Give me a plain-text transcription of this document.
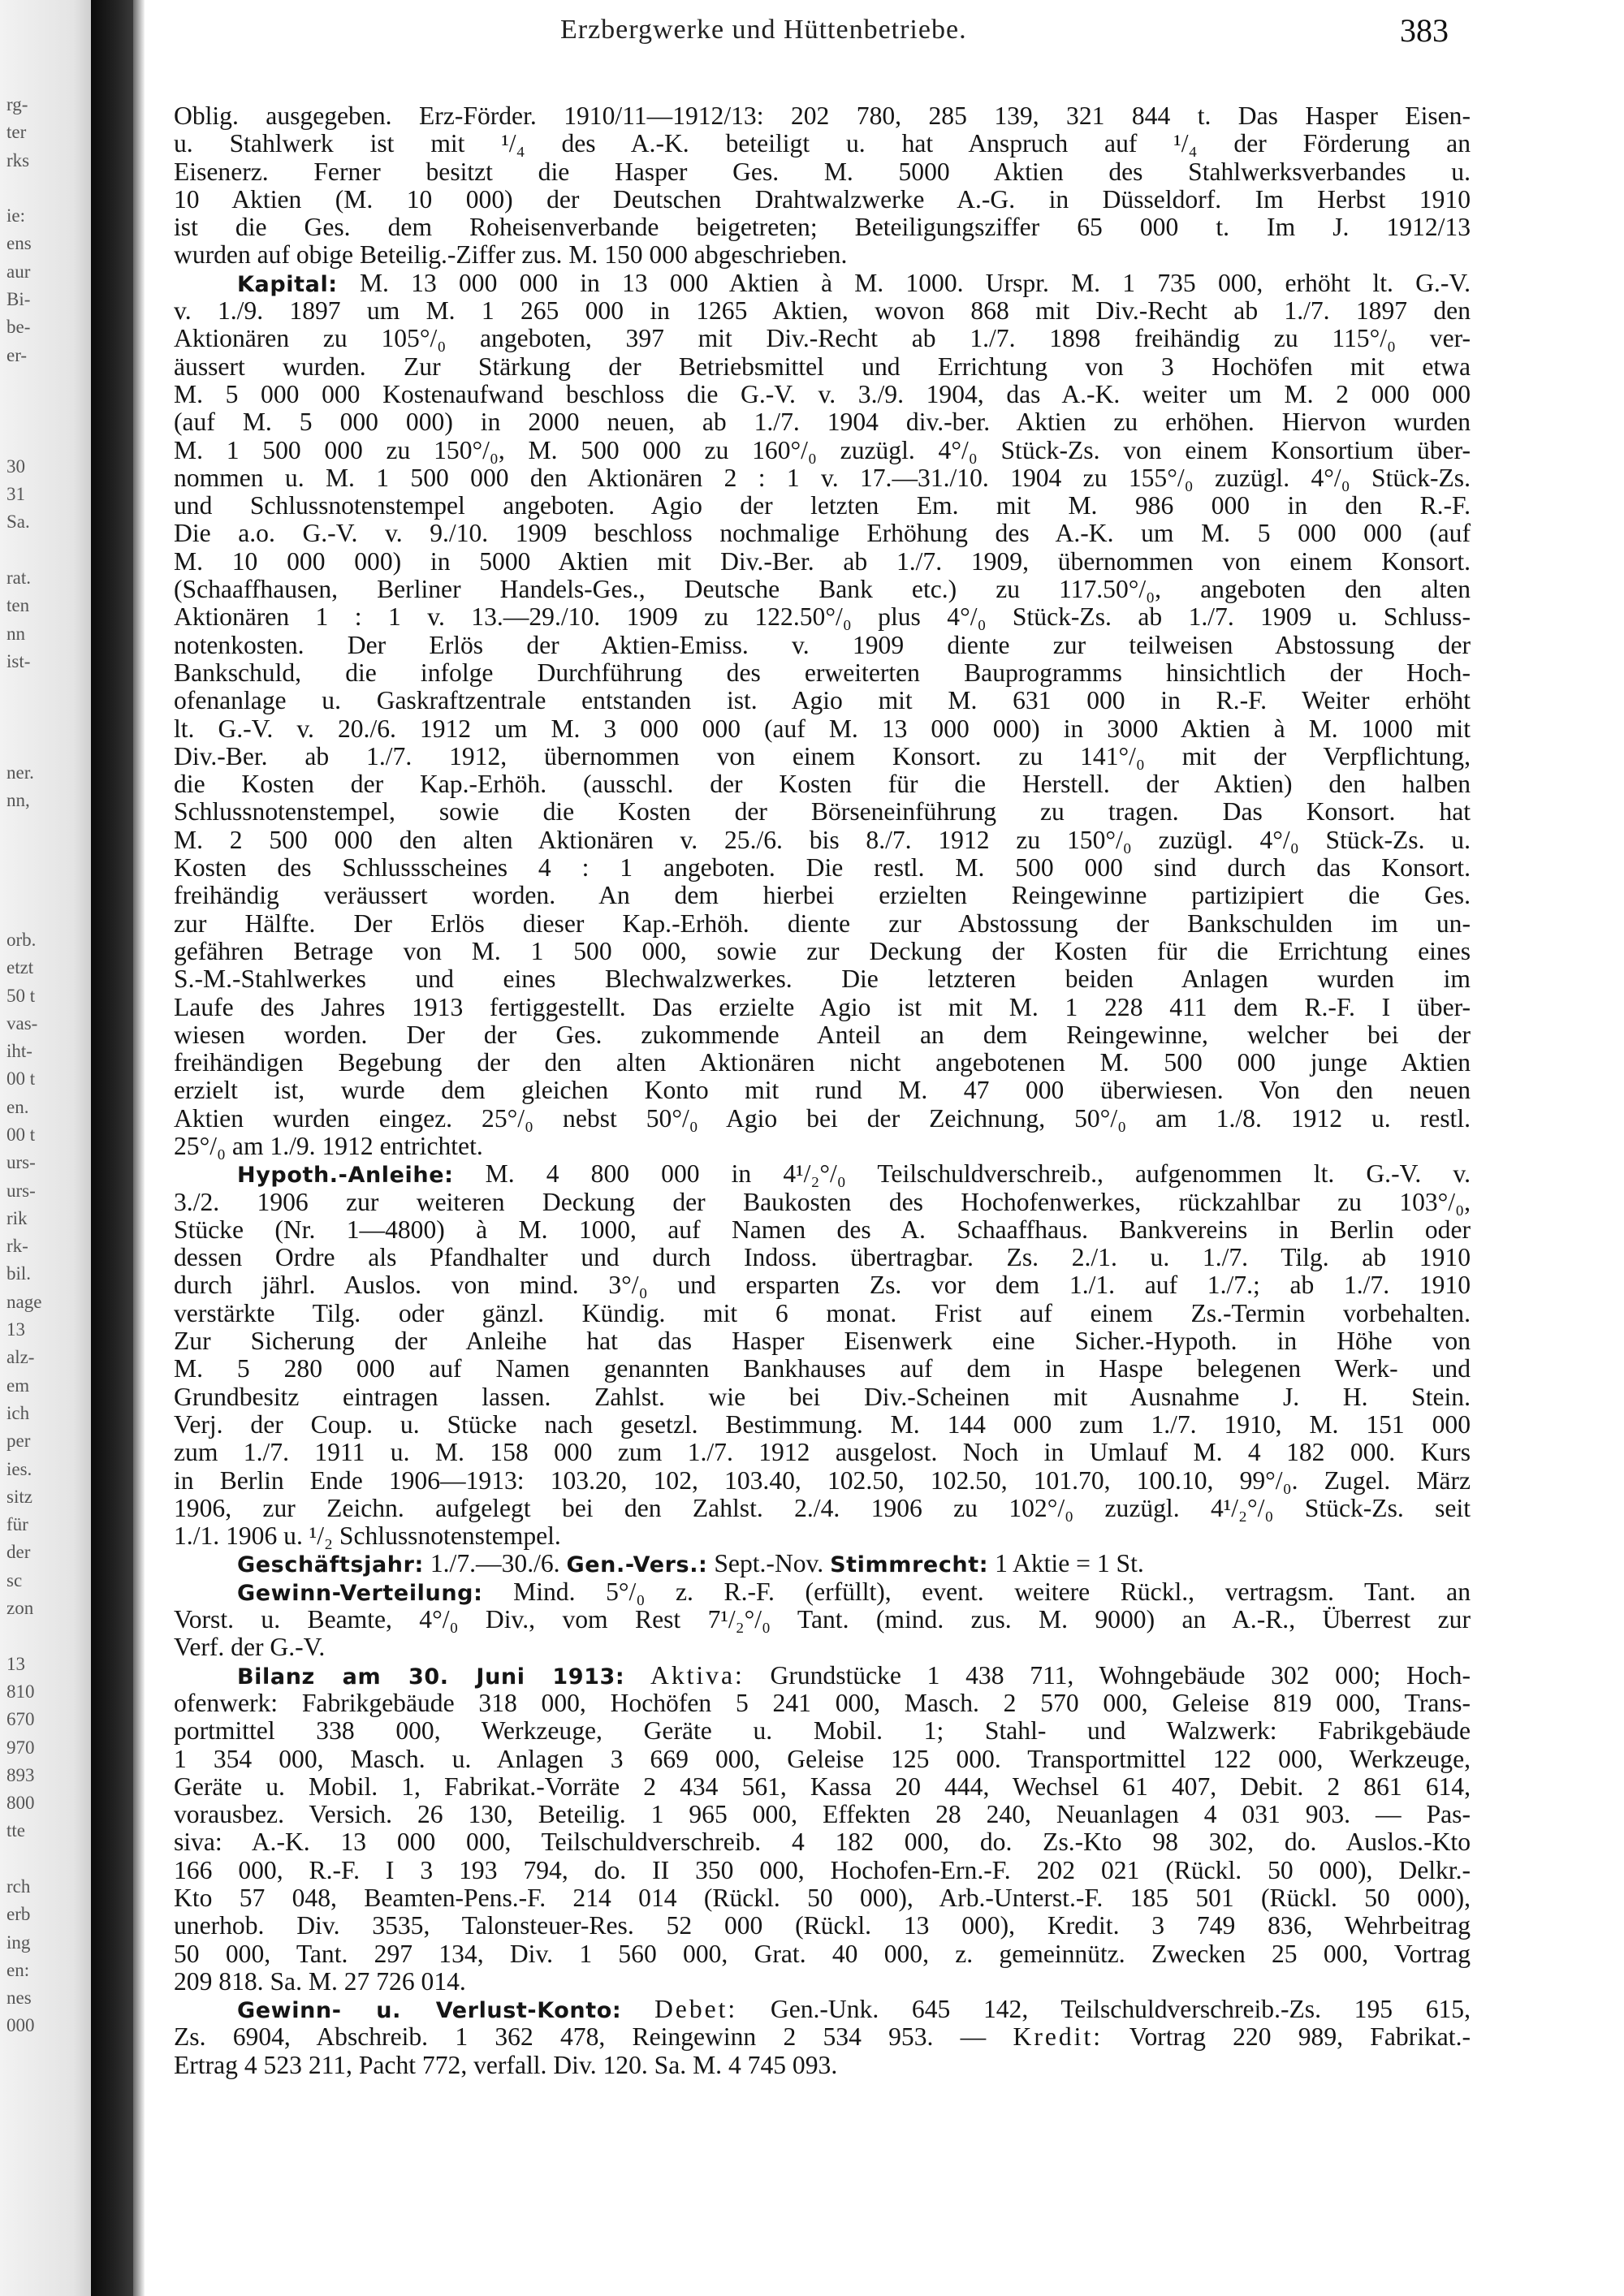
rg-
ter
rks
ie:
ens
aur
Bi-
be-
er-
30
31
Sa.
rat.
ten
nn
ist-
ner.
nn,
orb.
etzt
50 t
vas-
iht-
00 t
en.
00 t
urs-
urs-
rik
rk-
bil.
nage
13
alz-
em
ich
per
ies.
sitz
für
der
sc
zon
13
810
670
970
893
800
tte
rch
erb
ing
en:
nes
000
Erzbergwerke und Hüttenbetriebe.	383
Oblig. ausgegeben. Erz-Förder. 1910/11—1912/13: 202 780, 285 139, 321 844 t. Das Hasper Eisen-
u. Stahlwerk ist mit ¹/₄ des A.-K. beteiligt u. hat Anspruch auf ¹/₄ der Förderung an
Eisenerz. Ferner besitzt die Hasper Ges. M. 5000 Aktien des Stahlwerksverbandes u.
10 Aktien (M. 10 000) der Deutschen Drahtwalzwerke A.-G. in Düsseldorf. Im Herbst 1910
ist die Ges. dem Roheisenverbande beigetreten; Beteiligungsziffer 65 000 t. Im J. 1912/13
wurden auf obige Beteilig.-Ziffer zus. M. 150 000 abgeschrieben.
Kapital: M. 13 000 000 in 13 000 Aktien à M. 1000. Urspr. M. 1 735 000, erhöht lt. G.-V.
v. 1./9. 1897 um M. 1 265 000 in 1265 Aktien, wovon 868 mit Div.-Recht ab 1./7. 1897 den
Aktionären zu 105°/₀ angeboten, 397 mit Div.-Recht ab 1./7. 1898 freihändig zu 115°/₀ ver-
äussert wurden. Zur Stärkung der Betriebsmittel und Errichtung von 3 Hochöfen mit etwa
M. 5 000 000 Kostenaufwand beschloss die G.-V. v. 3./9. 1904, das A.-K. weiter um M. 2 000 000
(auf M. 5 000 000) in 2000 neuen, ab 1./7. 1904 div.-ber. Aktien zu erhöhen. Hiervon wurden
M. 1 500 000 zu 150°/₀, M. 500 000 zu 160°/₀ zuzügl. 4°/₀ Stück-Zs. von einem Konsortium über-
nommen u. M. 1 500 000 den Aktionären 2 : 1 v. 17.—31./10. 1904 zu 155°/₀ zuzügl. 4°/₀ Stück-Zs.
und Schlussnotenstempel angeboten. Agio der letzten Em. mit M. 986 000 in den R.-F.
Die a.o. G.-V. v. 9./10. 1909 beschloss nochmalige Erhöhung des A.-K. um M. 5 000 000 (auf
M. 10 000 000) in 5000 Aktien mit Div.-Ber. ab 1./7. 1909, übernommen von einem Konsort.
(Schaaffhausen, Berliner Handels-Ges., Deutsche Bank etc.) zu 117.50°/₀, angeboten den alten
Aktionären 1 : 1 v. 13.—29./10. 1909 zu 122.50°/₀ plus 4°/₀ Stück-Zs. ab 1./7. 1909 u. Schluss-
notenkosten. Der Erlös der Aktien-Emiss. v. 1909 diente zur teilweisen Abstossung der
Bankschuld, die infolge Durchführung des erweiterten Bauprogramms hinsichtlich der Hoch-
ofenanlage u. Gaskraftzentrale entstanden ist. Agio mit M. 631 000 in R.-F. Weiter erhöht
lt. G.-V. v. 20./6. 1912 um M. 3 000 000 (auf M. 13 000 000) in 3000 Aktien à M. 1000 mit
Div.-Ber. ab 1./7. 1912, übernommen von einem Konsort. zu 141°/₀ mit der Verpflichtung,
die Kosten der Kap.-Erhöh. (ausschl. der Kosten für die Herstell. der Aktien) den halben
Schlussnotenstempel, sowie die Kosten der Börseneinführung zu tragen. Das Konsort. hat
M. 2 500 000 den alten Aktionären v. 25./6. bis 8./7. 1912 zu 150°/₀ zuzügl. 4°/₀ Stück-Zs. u.
Kosten des Schlussscheines 4 : 1 angeboten. Die restl. M. 500 000 sind durch das Konsort.
freihändig veräussert worden. An dem hierbei erzielten Reingewinne partizipiert die Ges.
zur Hälfte. Der Erlös dieser Kap.-Erhöh. diente zur Abstossung der Bankschulden im un-
gefähren Betrage von M. 1 500 000, sowie zur Deckung der Kosten für die Errichtung eines
S.-M.-Stahlwerkes und eines Blechwalzwerkes. Die letzteren beiden Anlagen wurden im
Laufe des Jahres 1913 fertiggestellt. Das erzielte Agio ist mit M. 1 228 411 dem R.-F. I über-
wiesen worden. Der der Ges. zukommende Anteil an dem Reingewinne, welcher bei der
freihändigen Begebung der den alten Aktionären nicht angebotenen M. 500 000 junge Aktien
erzielt ist, wurde dem gleichen Konto mit rund M. 47 000 überwiesen. Von den neuen
Aktien wurden eingez. 25°/₀ nebst 50°/₀ Agio bei der Zeichnung, 50°/₀ am 1./8. 1912 u. restl.
25°/₀ am 1./9. 1912 entrichtet.
Hypoth.-Anleihe: M. 4 800 000 in 4¹/₂°/₀ Teilschuldverschreib., aufgenommen lt. G.-V. v.
3./2. 1906 zur weiteren Deckung der Baukosten des Hochofenwerkes, rückzahlbar zu 103°/₀,
Stücke (Nr. 1—4800) à M. 1000, auf Namen des A. Schaaffhaus. Bankvereins in Berlin oder
dessen Ordre als Pfandhalter und durch Indoss. übertragbar. Zs. 2./1. u. 1./7. Tilg. ab 1910
durch jährl. Auslos. von mind. 3°/₀ und ersparten Zs. vor dem 1./1. auf 1./7.; ab 1./7. 1910
verstärkte Tilg. oder gänzl. Kündig. mit 6 monat. Frist auf einem Zs.-Termin vorbehalten.
Zur Sicherung der Anleihe hat das Hasper Eisenwerk eine Sicher.-Hypoth. in Höhe von
M. 5 280 000 auf Namen genannten Bankhauses auf dem in Haspe belegenen Werk- und
Grundbesitz eintragen lassen. Zahlst. wie bei Div.-Scheinen mit Ausnahme J. H. Stein.
Verj. der Coup. u. Stücke nach gesetzl. Bestimmung. M. 144 000 zum 1./7. 1910, M. 151 000
zum 1./7. 1911 u. M. 158 000 zum 1./7. 1912 ausgelost. Noch in Umlauf M. 4 182 000. Kurs
in Berlin Ende 1906—1913: 103.20, 102, 103.40, 102.50, 102.50, 101.70, 100.10, 99°/₀. Zugel. März
1906, zur Zeichn. aufgelegt bei den Zahlst. 2./4. 1906 zu 102°/₀ zuzügl. 4¹/₂°/₀ Stück-Zs. seit
1./1. 1906 u. ¹/₂ Schlussnotenstempel.
Geschäftsjahr: 1./7.—30./6. Gen.-Vers.: Sept.-Nov. Stimmrecht: 1 Aktie = 1 St.
Gewinn-Verteilung: Mind. 5°/₀ z. R.-F. (erfüllt), event. weitere Rückl., vertragsm. Tant. an
Vorst. u. Beamte, 4°/₀ Div., vom Rest 7¹/₂°/₀ Tant. (mind. zus. M. 9000) an A.-R., Überrest zur
Verf. der G.-V.
Bilanz am 30. Juni 1913: Aktiva: Grundstücke 1 438 711, Wohngebäude 302 000; Hoch-
ofenwerk: Fabrikgebäude 318 000, Hochöfen 5 241 000, Masch. 2 570 000, Geleise 819 000, Trans-
portmittel 338 000, Werkzeuge, Geräte u. Mobil. 1; Stahl- und Walzwerk: Fabrikgebäude
1 354 000, Masch. u. Anlagen 3 669 000, Geleise 125 000. Transportmittel 122 000, Werkzeuge,
Geräte u. Mobil. 1, Fabrikat.-Vorräte 2 434 561, Kassa 20 444, Wechsel 61 407, Debit. 2 861 614,
vorausbez. Versich. 26 130, Beteilig. 1 965 000, Effekten 28 240, Neuanlagen 4 031 903. — Pas-
siva: A.-K. 13 000 000, Teilschuldverschreib. 4 182 000, do. Zs.-Kto 98 302, do. Auslos.-Kto
166 000, R.-F. I 3 193 794, do. II 350 000, Hochofen-Ern.-F. 202 021 (Rückl. 50 000), Delkr.-
Kto 57 048, Beamten-Pens.-F. 214 014 (Rückl. 50 000), Arb.-Unterst.-F. 185 501 (Rückl. 50 000),
unerhob. Div. 3535, Talonsteuer-Res. 52 000 (Rückl. 13 000), Kredit. 3 749 836, Wehrbeitrag
50 000, Tant. 297 134, Div. 1 560 000, Grat. 40 000, z. gemeinnütz. Zwecken 25 000, Vortrag
209 818. Sa. M. 27 726 014.
Gewinn- u. Verlust-Konto: Debet: Gen.-Unk. 645 142, Teilschuldverschreib.-Zs. 195 615,
Zs. 6904, Abschreib. 1 362 478, Reingewinn 2 534 953. — Kredit: Vortrag 220 989, Fabrikat.-
Ertrag 4 523 211, Pacht 772, verfall. Div. 120. Sa. M. 4 745 093.
